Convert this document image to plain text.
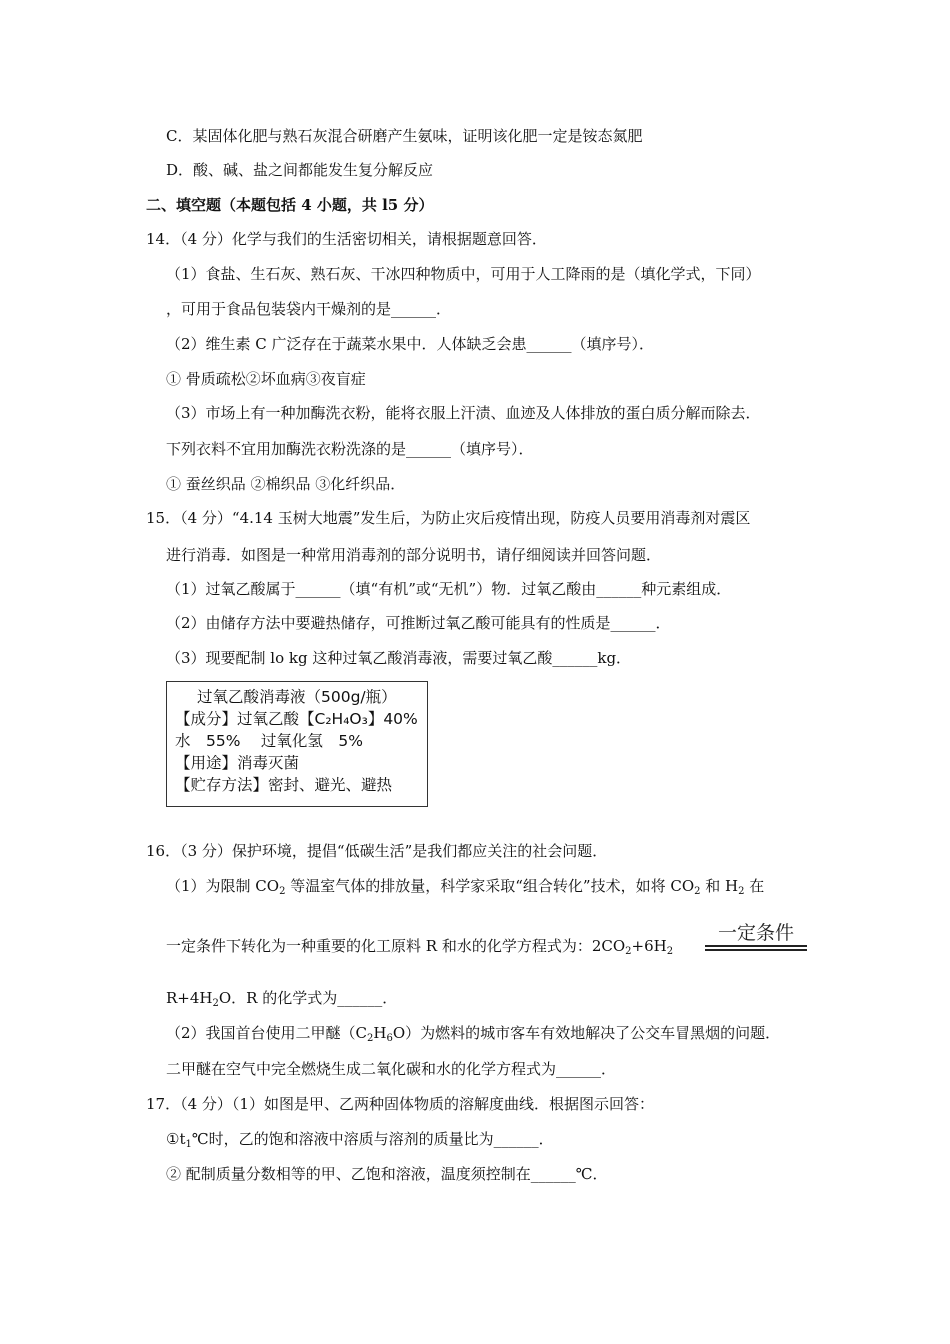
C．某固体化肥与熟石灰混合研磨产生氨味，证明该化肥一定是铵态氮肥
D．酸、碱、盐之间都能发生复分解反应
二、填空题（本题包括 4 小题，共 l5 分）
14．（4 分）化学与我们的生活密切相关，请根据题意回答．
（1）食盐、生石灰、熟石灰、干冰四种物质中，可用于人工降雨的是（填化学式，下同）
，可用于食品包装袋内干燥剂的是______．
（2）维生素 C 广泛存在于蔬菜水果中．人体缺乏会患______（填序号）．
① 骨质疏松②坏血病③夜盲症
（3）市场上有一种加酶洗衣粉，能将衣服上汗渍、血迹及人体排放的蛋白质分解而除去．
下列衣料不宜用加酶洗衣粉洗涤的是______（填序号）．
① 蚕丝织品 ②棉织品 ③化纤织品．
15．（4 分）“4.14 玉树大地震”发生后，为防止灾后疫情出现，防疫人员要用消毒剂对震区
进行消毒．如图是一种常用消毒剂的部分说明书，请仔细阅读并回答问题．
（1）过氧乙酸属于______（填“有机”或“无机”）物．过氧乙酸由______种元素组成．
（2）由储存方法中要避热储存，可推断过氧乙酸可能具有的性质是______．
（3）现要配制 lo kg 这种过氧乙酸消毒液，需要过氧乙酸______kg．
过氧乙酸消毒液（500g/瓶）
【成分】过氧乙酸【C₂H₄O₃】40%
水　55%　 过氧化氢　5%
【用途】消毒灭菌
【贮存方法】密封、避光、避热
16．（3 分）保护环境，提倡“低碳生活”是我们都应关注的社会问题．
（1）为限制 $CO_2$ 等温室气体的排放量，科学家采取“组合转化”技术，如将 $CO_2$ 和 $H_2$ 在
一定条件下转化为一种重要的化工原料 R 和水的化学方程式为：$2CO_2+6H_2$
一定条件
$R+4H_2O$．R 的化学式为______．
（2）我国首台使用二甲醚$(C_2H_6O)$为燃料的城市客车有效地解决了公交车冒黑烟的问题．
二甲醚在空气中完全燃烧生成二氧化碳和水的化学方程式为______．
17．（4 分）（1）如图是甲、乙两种固体物质的溶解度曲线．根据图示回答：
$①t_1℃$时，乙的饱和溶液中溶质与溶剂的质量比为______．
② 配制质量分数相等的甲、乙饱和溶液，温度须控制在______℃．
